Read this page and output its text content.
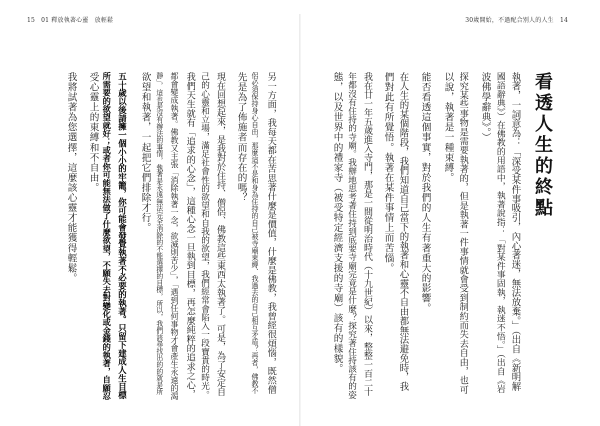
15 01 釋放執著心靈 放輕鬆	30歲開始，不過配合別人的人生 14
看透人生的終點
執著，一詞意為：「深受某件事吸引，內心著迷，無法放棄。」（出自《新明解
國語辭典》）在佛教的用語中，執著說指：「對某件事固執，執迷不悟。」（出自《岩
波佛學辭典》。）
探究某些事物是需要執著的，但是執著一件事情就會受到制約而失去自由，也可
以說，執著是一種束縛。
能否看透這個事實，對於我們的人生有著重大的影響。
在人生的某個階段，我們知道自己當下的執著和心靈不自由都無法避免時，我
們對此有所覺悟。執著在某件事情上而苦惱。
我在廿一年五歲進入寺門，那是一間從明治時代（十九世紀）以來，整整一百二十
年都沒有住持的寺廟。我辦地思考著住持到底要寺廟完竟是什麼？探究著住持該有的姿
態，以及世界中的禮家寺（被受特定經濟支援的寺廟）該有的樣貌。
另一方面，我每天都在苦思著什麼是價值，什麼是佛教，我曾經很煩惱，既然僧
侶必須保持身心自由，那麼這不是和身為住持的自己被寺廟束縛、我過去的自己相互矛盾？再者，佛教不
先是為了佈施者而存在的嗎？
現在回想起來，是我對於住持、僧侶、佛教這些東西太執著了。可是，為了安定自
己的心靈和立場，滿足社會性的欲望和自我的欲望，我們經常會陷入一段寶貴的時光。
我們天生就有「追求的心念」，這種心念一旦執到目標，再怎麼純粹的追求之心，
都會變成執著。佛教又主張「消除執著一念，欲滅則苦少」，「遇到任何事物才會產生永遠的渴
靜」，這也是沒有辦法的事情，執著是永遠無法完全消除的不能選擇的目標，所以，我們該尋找出的的就是所
欲望和執著，一起把它們排除才行。
五十歲以後請擁一個小小的牢籠，你可能會發覺執著不必要的執著。只留下建成人生目標
所需要的欲望就好；或者你可能無法做了什麼欲望，不願失去對變化或金錢的執著，自願忍
受心靈上的東縛和不自由。
我將試著為您選擇，這麼該心靈才能獲得輕鬆。
